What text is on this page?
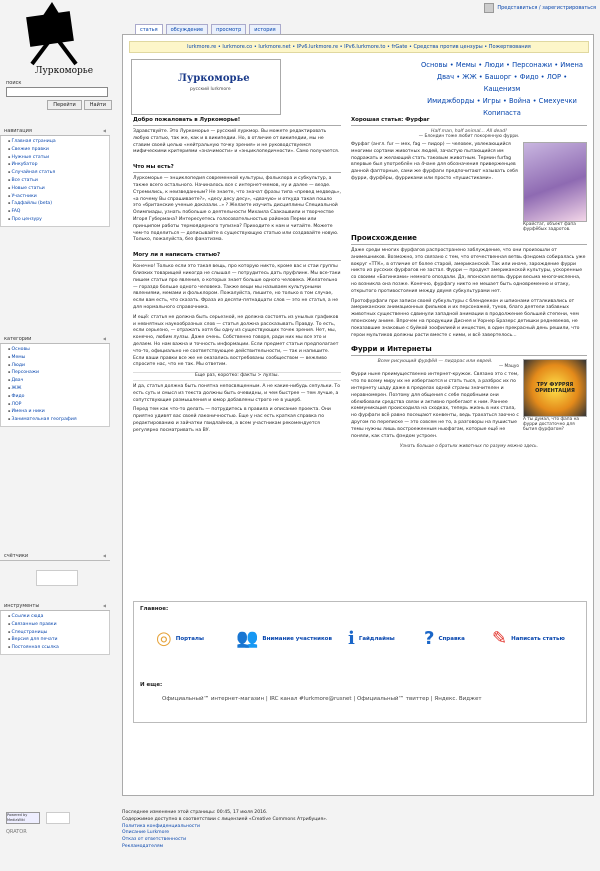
Представиться / зарегистрироваться
Луркоморье
поиск
Перейти	Найти
навигация	◀
▪ Главная страница
▪ Свежие правки
▪ Нужные статьи
▪ Инкубатор
▪ Случайная статья
▪ Все статьи
▪ Новые статьи
▪ Участники
▪ Гадфайлы (beta)
▪ FAQ
▪ Про цензуру
категории	◀
▪ Основы
▪ Мемы
▪ Люди
▪ Персонажи
▪ Двач
▪ ЖЖ
▪ Фидо
▪ ЛОР
▪ Имена и ники
▪ Занимательная география
счётчики	◀
инструменты	◀
▪ Ссылки сюда
▪ Связанные правки
▪ Спецстраницы
▪ Версия для печати
▪ Постоянная ссылка
статья	обсуждение	просмотр	история
lurkmore.re • lurkmore.co • lurkmore.net • IPv6.lurkmore.re • IPv6.lurkmore.to • frGate • Средства против цензуры • Пожертвования
Луркоморье
русский lurkmore
Основы • Мемы • Люди • Персонажи • Имена
Двач • ЖЖ • Башорг • Фидо • ЛОР • Кащенизм
Имиджборды • Игры • Война • Смехуечки
Копипаста
Добро пожаловать в Луркоморье!
Здравствуйте. Это Луркоморье — русский луркмор. Вы можете редактировать любую статью, так же, как и в википедии. Но, в отличие от википедии, мы не ставим своей целью «нейтральную точку зрения» и не руководствуемся мифическими критериями «значимости» и «энциклопедичности». Само получается.
Что мы есть?
Луркоморье — энциклопедия современной культуры, фольклора и субкультур, а также всего остального. Начиналось все с интернет-мемов, ну и далее — везде. Стремились, к неизведанным? Не знаете, что значат фразы типа «превед медведь», «а почему Вы спрашиваете?», «десу десу десу», «двачую» и откуда такая пошло это «британские ученые доказали...» ? Желаете изучить дисциплины Специальной Олимпиады, узнать побольше о деятельности Михаила Саакашвили и творчестве Игоря Губермана? Интересуетесь голосовательностью районов Перми или принципом работы термоядерного тупизна? Приходите к нам и читайте. Можете чем-то поделиться — дописывайте в существующую статью или создавайте новую. Только, пожалуйста, без фанатизма.
Могу ли я написать статью?
Конечно! Только если это такая вещь, про которую никто, кроме вас и стаи группы близких товарищей никогда не слышал — потрудитесь дать пруфлинк. Мы все-таки пишем статьи про явления, о которых знает больше одного человека. Желательно — гораздо больше одного человека. Также вещи мы называем культурными явлениями, мемами и фольклором. Пожалуйста, пишите, но только в том случае, если вам есть, что сказать. Фраза из десяти-пятнадцати слов — это не статья, а не для нормального справочника.
И ещё: статья не должна быть серьезной, не должна состоять из унылых графиков и невнятных наукообразных слов — статья должна рассказывать Правду. То есть, если серьезно, — отражать хотя бы одну из существующих точек зрения. Нет, мы, конечно, любим лулзы. Даже очень. Собственно говоря, ради них мы все это и делаем. Но нам важна и точность информации. Если предмет статьи предполагает что-то, официально не соответствующее действительности, — так и напишите. Если ваши правки все же не оказались востребованы сообществом — вежливо спросите нас, что не так. Мы ответим.
Еще раз, коротко: факты > лулзы.
И да, статья должна быть понятна непосвященным. А не какие-нибудь сепульки. То есть суть и смысл из текста должны быть очевидны, и чем быстрее — тем лучше, а сопутствующие размышления и юмор добавлены строго не в ущерб.
Перед тем как что-то делать — потрудитесь в правила и описание проекта. Они приятно удивят вас своей лаконичностью. Еще у нас есть краткая справка по редактированию и зайчатки гвидлайнов, а всем участникам рекомендуется регулярно посматривать на ВУ.
Хорошая статья: Фурфаг
Half man, half animal… All dead!
— Блондин тоже любит покоренную фурри.
Фурфаг (англ. fur — мех, fag — пидор) — человек, увлекающийся многими сортами животных людей, зачастую пытающийся им подражать и желающий стать таковым животным. Термин furfag впервые был употреблён на 4чане для обозначения приверженцев данной фапторные, сами же фурфаги предпочитают называть себя фурри, фурфёры, фурриками или просто «пушистиками».
Крайстаг, объект фапа фурфёбых задротов.
Происхождение
Даже среди многих фурфагов распространено заблуждение, что они произошли от анимешников. Возможно, это связано с тем, что отечественная ветвь фэндома собиралась уже вокруг «TТК», в отличие от более старой, американской. Так или иначе, зарождение фурри никто из русских фурфагов не застал. Фурри — продукт американской культуры, ускоренные со своими «Багинками» немного опоздали. Да, японская ветвь фурри весьма многочисленна, но возникла она позже. Конечно, фурфагу никто не мешает быть одновременно и отаку, открытого противостояния между двумя субкультурами нет.
Протофурфаги при записи своей субкультуры с блендеккон и шпионами отталкивались от американских анимационных фильмов и их персонажей, тунов, благо деятели забавных животных существенно сдвинули западной анимации в продолжение большей степени, чем японскому аниме. Впрочем на продукции Диснея и Уорнер Бразерс детишки редневеков, не показавшие знаковые с буйкой зоофилией и инцестом, в один прекрасный день решили, что герои мультиков должны расти вместе с ними, и всё завертелось...
Фурри и Интернеты
Всем рисующий фурфёй — пидарас или еврей.
— Мацуо
Фурри ныне преимущественно интернет-кружок. Связано это с тем, что по всему миру их не избергаются и стать тыся, а разброс их по интернету шаду даже в пределах одной страны значителен и неравномерен. Поэтому для общения с себе подобными они облюбовали средства связи и активно пребегают к ним. Раннее коммуникация происходила на сходках, теперь жизнь в них стала, но фурфаги всё равно посещают конвенты, ведь трахаться заочно с другом по переписке — это совсем не то, а разговоры на пушистые темы нужны лишь востроеженным ньюфагам, которые ещё не поняли, как стать фэндом устроен.
ТРУ ФУРРЯЯ ОРИЕНТАЦИЯ
А ты думал, что фапа на фурри достаточно для бытия фурфагом?
Узнать больше о братьях животных по разуму можно здесь.
Главное:
◎ Порталы 👥 Внимание участников i Гайдлайны ? Справка ✎ Написать статью
И еще:
Официальный™ интернет-магазин | IRC канал #lurkmore@rusnet | Официальный™ твиттер | Яндекс. Виджет
Powered by MediaWiki
QRATOR
Последнее изменение этой страницы: 00:45, 17 июля 2016.
Содержимое доступно в соответствии с лицензией «Creative Commons Атрибуция».
Политика конфиденциальности
Описание Lurkmore
Отказ от ответственности
Рекламодателям
